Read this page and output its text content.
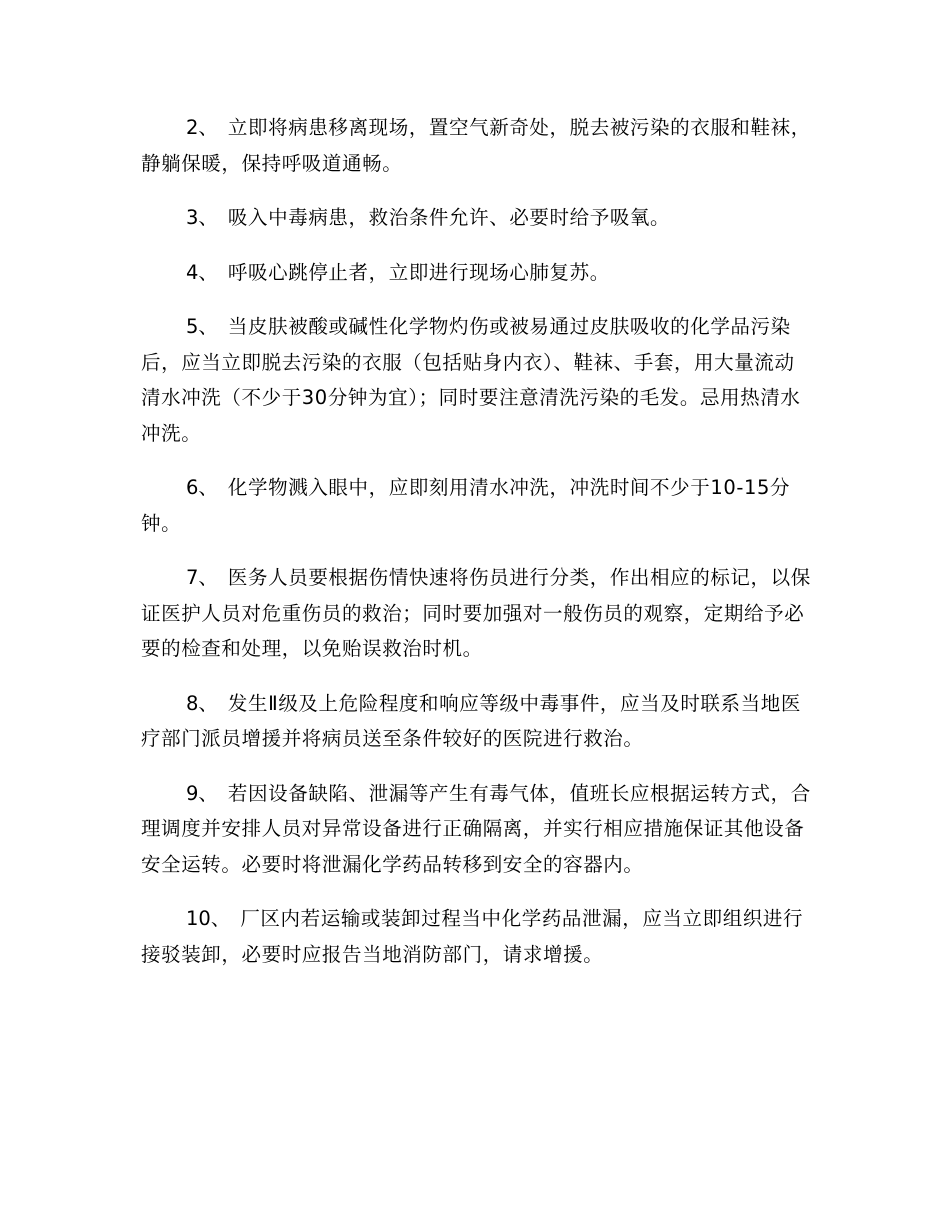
2、 立即将病患移离现场，置空气新奇处，脱去被污染的衣服和鞋袜，静躺保暖，保持呼吸道通畅。

3、 吸入中毒病患，救治条件允许、必要时给予吸氧。

4、 呼吸心跳停止者，立即进行现场心肺复苏。

5、 当皮肤被酸或碱性化学物灼伤或被易通过皮肤吸收的化学品污染后，应当立即脱去污染的衣服（包括贴身内衣）、鞋袜、手套，用大量流动清水冲洗（不少于30分钟为宜）；同时要注意清洗污染的毛发。忌用热清水冲洗。

6、 化学物溅入眼中，应即刻用清水冲洗，冲洗时间不少于10-15分钟。

7、 医务人员要根据伤情快速将伤员进行分类，作出相应的标记，以保证医护人员对危重伤员的救治；同时要加强对一般伤员的观察，定期给予必要的检查和处理，以免贻误救治时机。

8、 发生Ⅱ级及上危险程度和响应等级中毒事件，应当及时联系当地医疗部门派员增援并将病员送至条件较好的医院进行救治。

9、 若因设备缺陷、泄漏等产生有毒气体，值班长应根据运转方式，合理调度并安排人员对异常设备进行正确隔离，并实行相应措施保证其他设备安全运转。必要时将泄漏化学药品转移到安全的容器内。

10、 厂区内若运输或装卸过程当中化学药品泄漏，应当立即组织进行接驳装卸，必要时应报告当地消防部门，请求增援。
